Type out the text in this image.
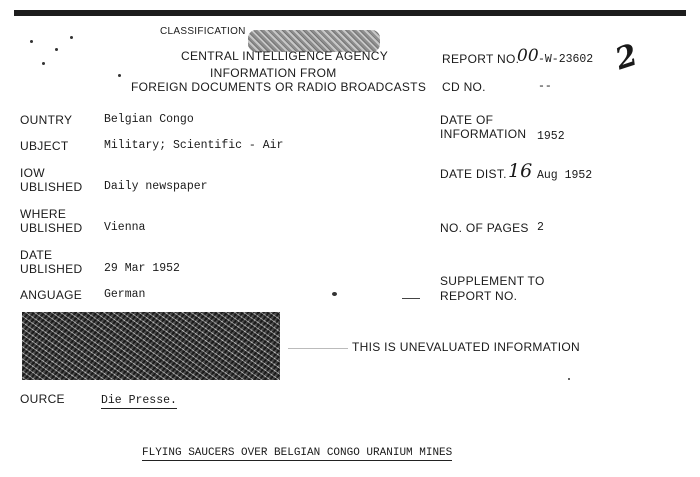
CLASSIFICATION
CENTRAL INTELLIGENCE AGENCY
INFORMATION FROM
FOREIGN DOCUMENTS OR RADIO BROADCASTS
REPORT NO.
00 -W-23602 2
CD NO.	--
OUNTRY	Belgian Congo
UBJECT	Military; Scientific - Air
IOW
UBLISHED Daily newspaper
WHERE
UBLISHED Vienna
DATE
UBLISHED 29 Mar 1952
ANGUAGE German
DATE OF
INFORMATION 1952
DATE DIST. 16 Aug 1952
NO. OF PAGES 2
SUPPLEMENT TO
REPORT NO.
THIS IS UNEVALUATED INFORMATION
OURCE	Die Presse.
FLYING SAUCERS OVER BELGIAN CONGO URANIUM MINES
